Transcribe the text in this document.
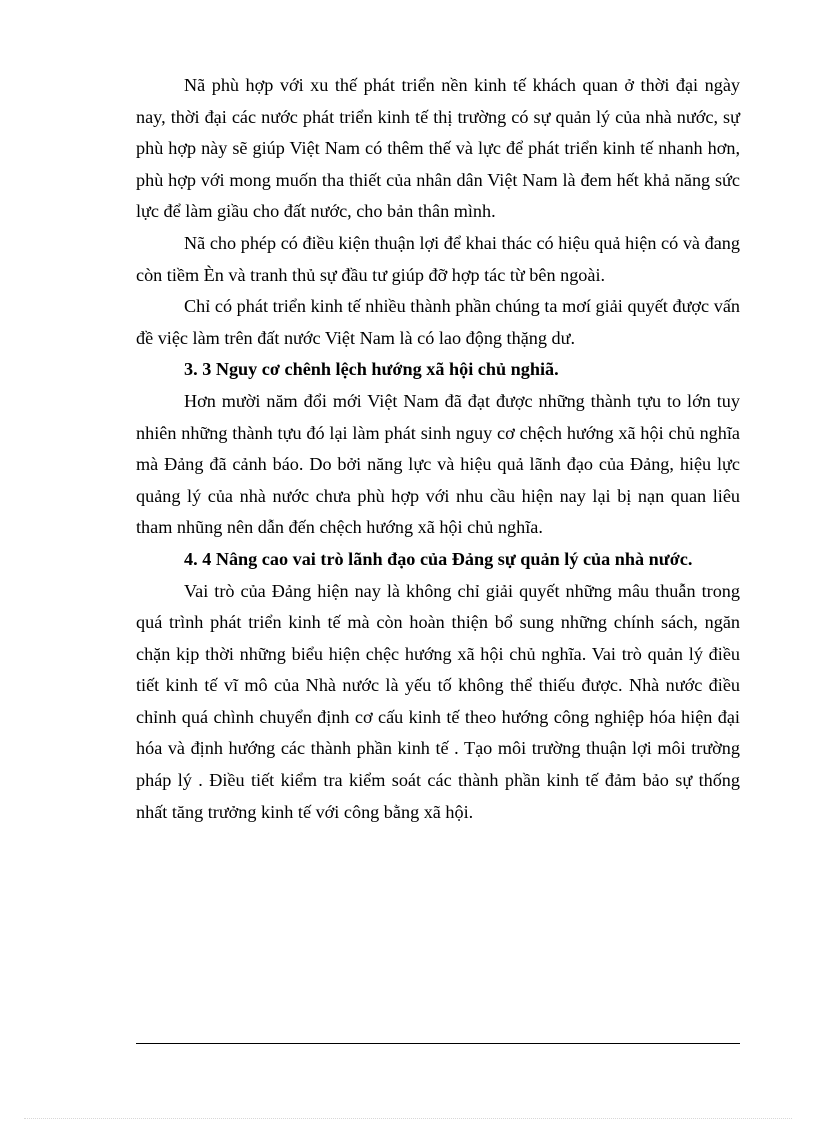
Nã phù hợp với xu thế phát triển nền kinh tế khách quan ở thời đại ngày nay, thời đại các nước phát triển kinh tế thị trường có sự quản lý của nhà nước, sự phù hợp này sẽ giúp Việt Nam có thêm thế và lực để phát triển kinh tế nhanh hơn, phù hợp với mong muốn tha thiết của nhân dân Việt Nam là đem hết khả năng sức lực để làm giầu cho đất nước, cho bản thân mình.

Nã cho phép có điều kiện thuận lợi để khai thác có hiệu quả hiện có và đang còn tiềm Èn và tranh thủ sự đầu tư giúp đỡ hợp tác từ bên ngoài.

Chỉ có phát triển kinh tế nhiều thành phần chúng ta mơí giải quyết được vấn đề việc làm trên đất nước Việt Nam là có lao động thặng dư.

3. 3 Nguy cơ chênh lệch hướng xã hội chủ nghiã.

Hơn mười năm đổi mới Việt Nam đã đạt được những thành tựu to lớn tuy nhiên những thành tựu đó lại làm phát sinh nguy cơ chệch hướng xã hội chủ nghĩa mà Đảng đã cảnh báo. Do bởi năng lực và hiệu quả lãnh đạo của Đảng, hiệu lực quảng lý của nhà nước chưa phù hợp với nhu cầu hiện nay lại bị nạn quan liêu tham nhũng nên dẫn đến chệch hướng xã hội chủ nghĩa.

4. 4 Nâng cao vai trò lãnh đạo của Đảng sự quản lý của nhà nước.

Vai trò của Đảng hiện nay là không chỉ giải quyết những mâu thuẫn trong quá trình phát triển kinh tế mà còn hoàn thiện bổ sung những chính sách, ngăn chặn kịp thời những biểu hiện chệc hướng xã hội chủ nghĩa. Vai trò quản lý điều tiết kinh tế vĩ mô của Nhà nước là yếu tố không thể thiếu được. Nhà nước điều chỉnh quá chình chuyển định cơ cấu kinh tế theo hướng công nghiệp hóa hiện đại hóa và định hướng các thành phần kinh tế . Tạo môi trường thuận lợi môi trường pháp lý . Điều tiết kiểm tra kiểm soát các thành phần kinh tế đảm bảo sự thống nhất tăng trưởng kinh tế với công bằng xã hội.
